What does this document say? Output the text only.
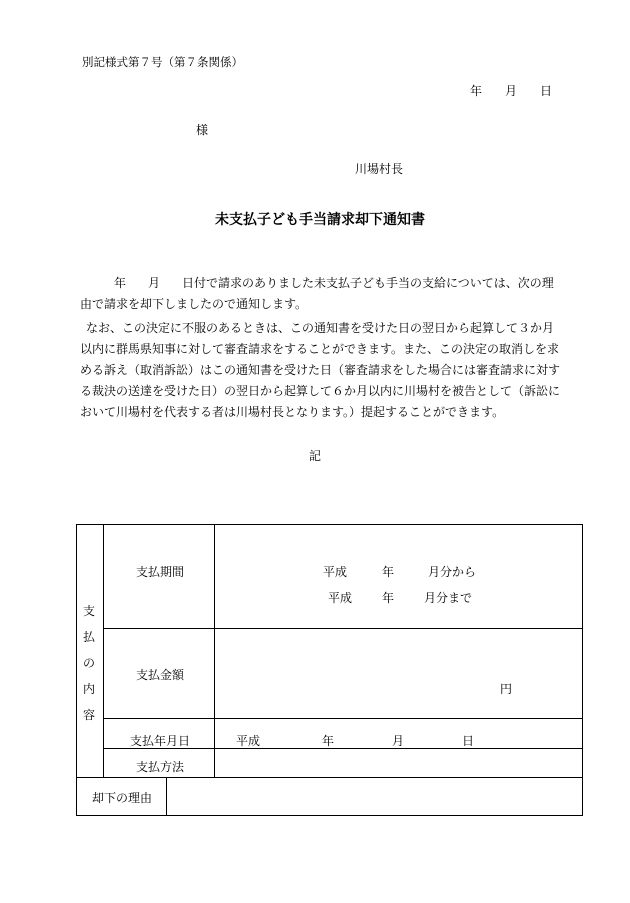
別記様式第７号（第７条関係）
年 月 日
様
川場村長
未支払子ども手当請求却下通知書
年 月 日付で請求のありました未支払子ども手当の支給については、次の理
由で請求を却下しましたので通知します。
なお、この決定に不服のあるときは、この通知書を受けた日の翌日から起算して３か月
以内に群馬県知事に対して審査請求をすることができます。また、この決定の取消しを求
める訴え（取消訴訟）はこの通知書を受けた日（審査請求をした場合には審査請求に対す
る裁決の送達を受けた日）の翌日から起算して６か月以内に川場村を被告として（訴訟に
おいて川場村を代表する者は川場村長となります。）提起することができます。
記
支
払
の
内
容
支払期間	平成	年	月分から
平成 年 月分まで
支払金額
円
支払年月日	平成	年	月	日
支払方法
却下の理由
